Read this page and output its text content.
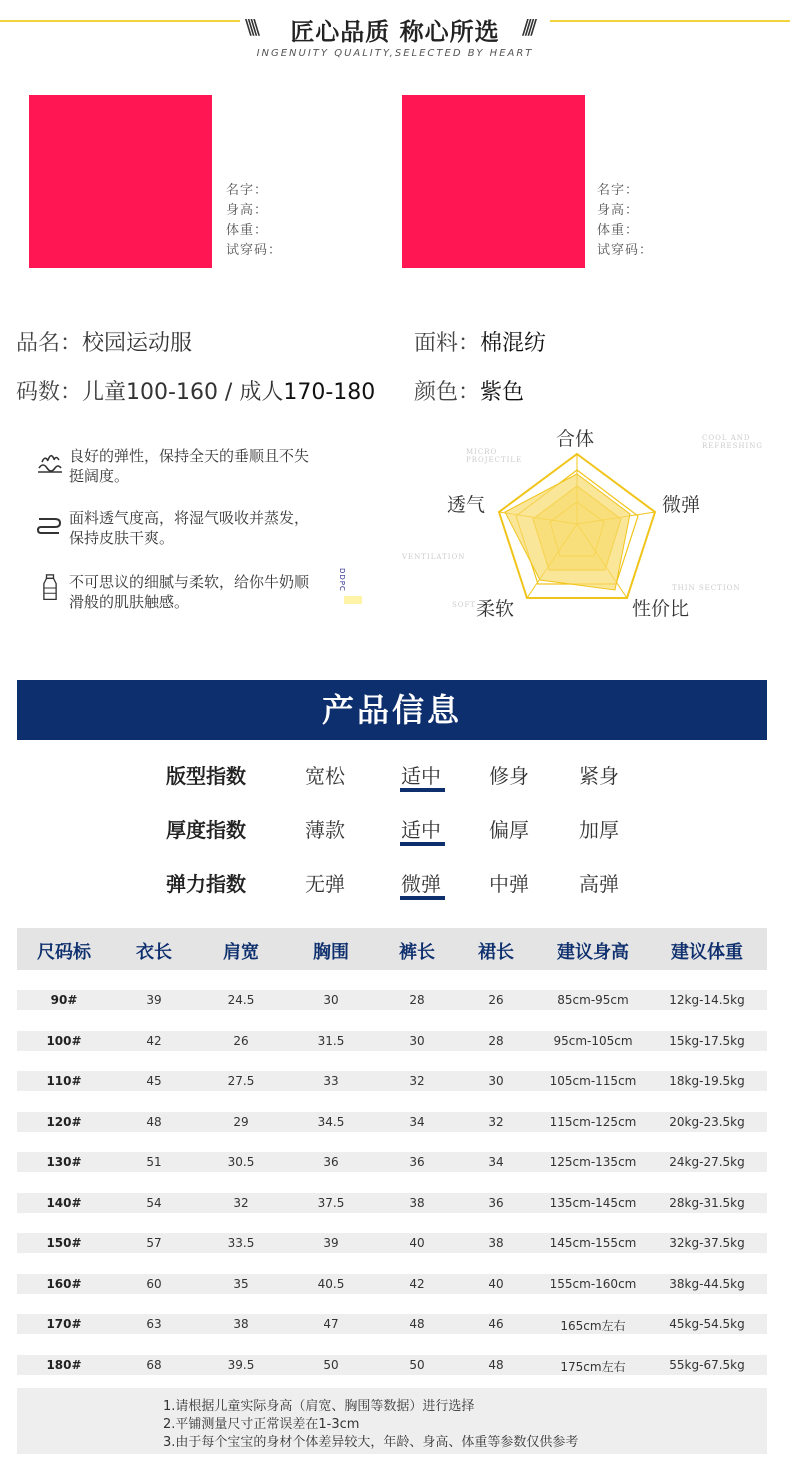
\\\\	////
匠心品质 称心所选
INGENUITY QUALITY,SELECTED BY HEART
名字：
身高：
体重：
试穿码：
名字：
身高：
体重：
试穿码：
品名：校园运动服	面料：棉混纺
码数：儿童100-160 / 成人170-180 颜色：紫色
良好的弹性，保持全天的垂顺且不失挺阔度。
面料透气度高，将湿气吸收并蒸发，保持皮肤干爽。
不可思议的细腻与柔软，给你牛奶顺滑般的肌肤触感。
DDPC
合体
微弹
性价比
柔软
透气
MICRO PROJECTILE
COOL AND REFRESHING
VENTILATION
SOFT
THIN SECTION
产品信息
版型指数	宽松	适中 修身	紧身
厚度指数	薄款	适中 偏厚	加厚
弹力指数	无弹	微弹 中弹	高弹
尺码标	衣长	肩宽	胸围	裤长 裙长 建议身高 建议体重
90#	39	24.5	30	28	26	85cm-95cm	12kg-14.5kg
100#	42	26	31.5	30	28	95cm-105cm	15kg-17.5kg
110#	45	27.5	33	32	30	105cm-115cm	18kg-19.5kg
120#	48	29	34.5	34	32	115cm-125cm	20kg-23.5kg
130#	51	30.5	36	36	34	125cm-135cm	24kg-27.5kg
140#	54	32	37.5	38	36	135cm-145cm	28kg-31.5kg
150#	57	33.5	39	40	38	145cm-155cm	32kg-37.5kg
160#	60	35	40.5	42	40	155cm-160cm	38kg-44.5kg
170#	63	38	47	48	46	165cm左右	45kg-54.5kg
180#	68	39.5	50	50	48	175cm左右	55kg-67.5kg
1.请根据儿童实际身高（肩宽、胸围等数据）进行选择
2.平铺测量尺寸正常误差在1-3cm
3.由于每个宝宝的身材个体差异较大，年龄、身高、体重等参数仅供参考
